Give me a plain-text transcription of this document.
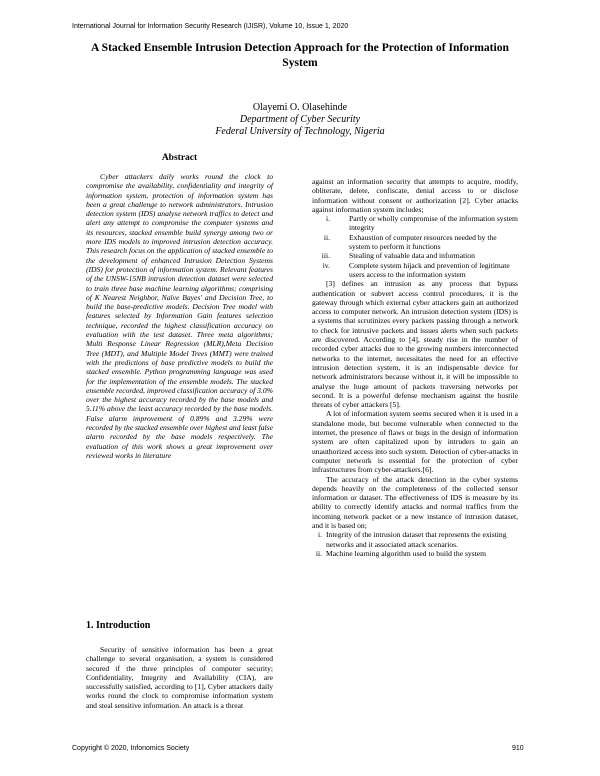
International Journal for Information Security Research (IJISR), Volume 10, Issue 1, 2020
A Stacked Ensemble Intrusion Detection Approach for the Protection of Information System
Olayemi O. Olasehinde
Department of Cyber Security
Federal University of Technology, Nigeria
Abstract

Cyber attackers daily works round the clock to compromise the availability, confidentiality and integrity of information system, protection of information system has been a great challenge to network administrators. Intrusion detection system (IDS) analyse network traffics to detect and alert any attempt to compromise the computer systems and its resources, stacked ensemble build synergy among two or more IDS models to improved intrusion detection accuracy. This research focus on the application of stacked ensemble to the development of enhanced Intrusion Detection Systems (IDS) for protection of information system. Relevant features of the UNSW-15NB intrusion detection dataset were selected to train three base machine learning algorithms; comprising of K Nearest Neighbor, Naïve Bayes' and Decision Tree, to build the base-predictive models. Decision Tree model with features selected by Information Gain features selection technique, recorded the highest classification accuracy on evaluation with the test dataset. Three meta algorithms; Multi Response Linear Regression (MLR),Meta Decision Tree (MDT), and Multiple Model Trees (MMT) were trained with the predictions of base predictive models to build the stacked ensemble. Python programming language was used for the implementation of the ensemble models. The stacked ensemble recorded, improved classification accuracy of 3.0% over the highest accuracy recorded by the base models and 5.11% above the least accuracy recorded by the base models. False alarm improvement of 0.89% and 3.29% were recorded by the stacked ensemble over highest and least false alarm recorded by the base models respectively. The evaluation of this work shows a great improvement over reviewed works in literature

1. Introduction

Security of sensitive information has been a great challenge to several organisation, a system is considered secured if the three principles of computer security; Confidentiality, Integrity and Availability (CIA), are successfully satisfied, according to [1], Cyber attackers daily works round the clock to compromise information system and steal sensitive information. An attack is a threat

against an information security that attempts to acquire, modify, obliterate, delete, confiscate, denial access to or disclose information without consent or authorization [2]. Cyber attacks against information system includes;

i.	Partly or wholly compromise of the information system integrity
ii.	Exhaustion of computer resources needed by the system to perform it functions
iii.	Stealing of valuable data and information
iv.	Complete system hijack and prevention of legitimate users access to the information system

[3] defines an intrusion as any process that bypass authentication or subvert access control procedures, it is the gateway through which external cyber attackers gain an authorized access to computer network. An intrusion detection system (IDS) is a systems that scrutinizes every packets passing through a network to check for intrusive packets and issues alerts when such packets are discovered. According to [4], steady rise in the number of recorded cyber attacks due to the growing numbers interconnected networks to the internet, necessitates the need for an effective intrusion detection system, it is an indispensable device for network administrators because without it, it will be impossible to analyse the huge amount of packets traversing networks per second. It is a powerful defense mechanism against the hostile threats of cyber attackers [5].

A lot of information system seems secured when it is used in a standalone mode, but become vulnerable when connected to the internet, the presence of flaws or bugs in the design of information system are often capitalized upon by intruders to gain an unauthorized access into such system. Detection of cyber-attacks in computer network is essential for the protection of cyber infrastructures from cyber-attackers.[6].

The accuracy of the attack detection in the cyber systems depends heavily on the completeness of the collected sensor information or dataset. The effectiveness of IDS is measure by its ability to correctly identify attacks and normal traffics from the incoming network packet or a new instance of intrusion dataset, and it is based on;

i. Integrity of the intrusion dataset that represents the existing networks and it associated attack scenarios.
ii. Machine learning algorithm used to build the system
Copyright © 2020, Infonomics Society	910
